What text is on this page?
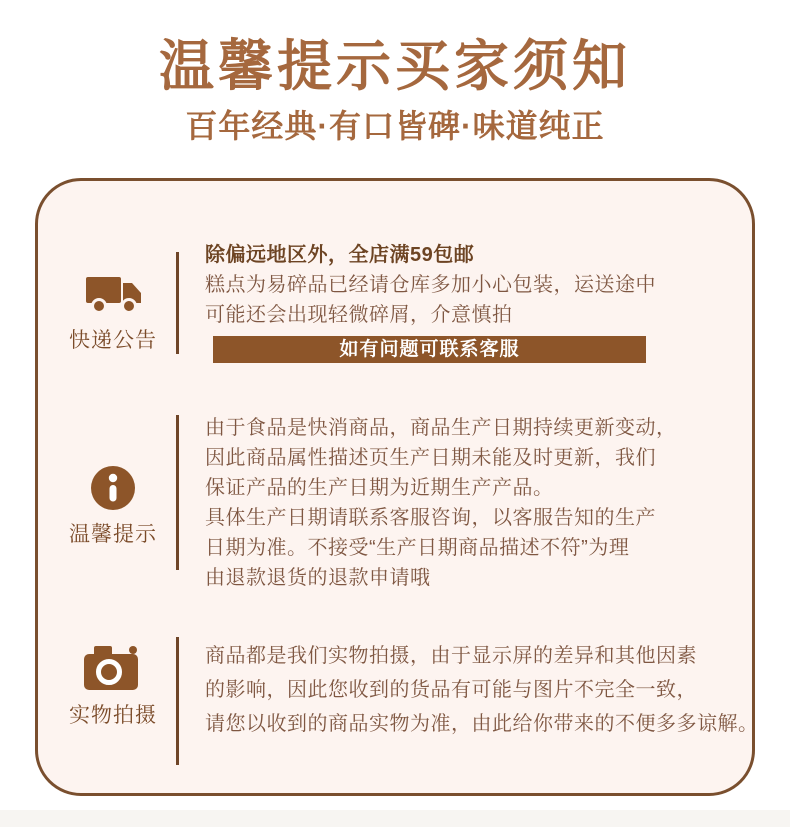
温馨提示买家须知
百年经典·有口皆碑·味道纯正
快递公告
除偏远地区外，全店满59包邮
糕点为易碎品已经请仓库多加小心包装，运送途中
可能还会出现轻微碎屑，介意慎拍
如有问题可联系客服
温馨提示
由于食品是快消商品，商品生产日期持续更新变动，
因此商品属性描述页生产日期未能及时更新，我们
保证产品的生产日期为近期生产产品。
具体生产日期请联系客服咨询，以客服告知的生产
日期为准。不接受“生产日期商品描述不符”为理
由退款退货的退款申请哦
实物拍摄
商品都是我们实物拍摄，由于显示屏的差异和其他因素
的影响，因此您收到的货品有可能与图片不完全一致，
请您以收到的商品实物为准，由此给你带来的不便多多谅解。
